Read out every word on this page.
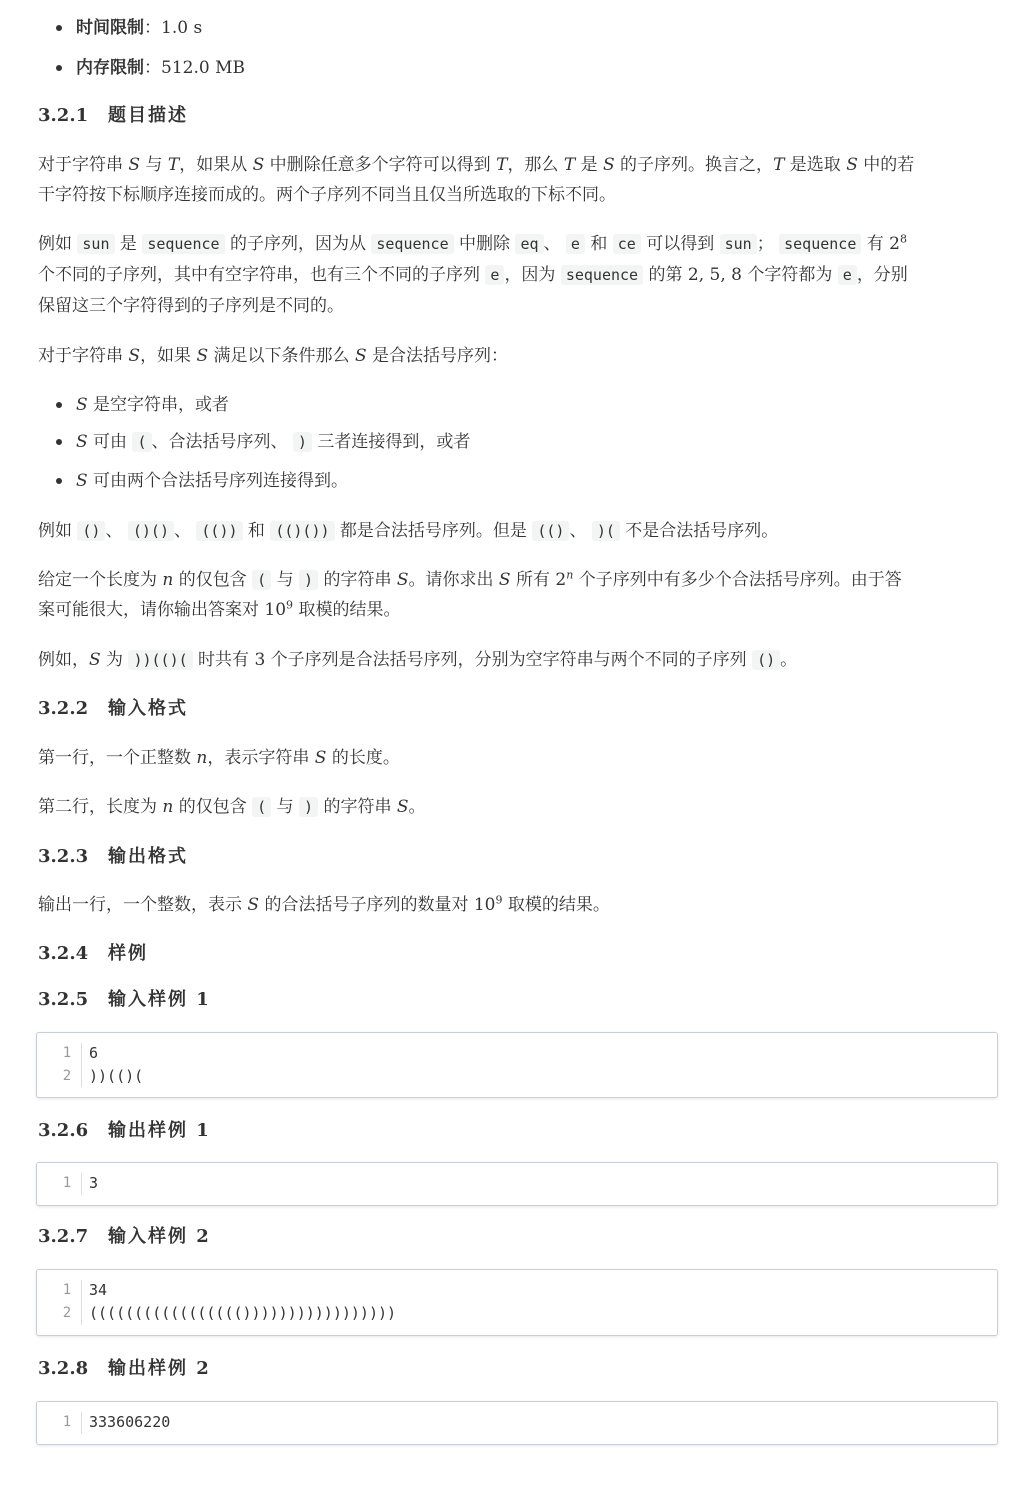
时间限制：1.0 s
内存限制：512.0 MB
3.2.1 题目描述
对于字符串 S 与 T，如果从 S 中删除任意多个字符可以得到 T，那么 T 是 S 的子序列。换言之，T 是选取 S 中的若
干字符按下标顺序连接而成的。两个子序列不同当且仅当所选取的下标不同。
例如 sun 是 sequence 的子序列，因为从 sequence 中删除 eq 、 e 和 ce 可以得到 sun ； sequence 有 $2^8$
个不同的子序列，其中有空字符串，也有三个不同的子序列 e ，因为 sequence 的第 2, 5, 8 个字符都为 e ，分别
保留这三个字符得到的子序列是不同的。
对于字符串 S，如果 S 满足以下条件那么 S 是合法括号序列：
S 是空字符串，或者
S 可由 ( 、合法括号序列、 ) 三者连接得到，或者
S 可由两个合法括号序列连接得到。
例如 () 、 ()() 、 (()) 和 (()()) 都是合法括号序列。但是 (() 、 )( 不是合法括号序列。
给定一个长度为 n 的仅包含 ( 与 ) 的字符串 S。请你求出 S 所有 2$^n$ 个子序列中有多少个合法括号序列。由于答
案可能很大，请你输出答案对 $10^9$ 取模的结果。
例如，S 为 ))(()( 时共有 3 个子序列是合法括号序列，分别为空字符串与两个不同的子序列 () 。
3.2.2 输入格式
第一行，一个正整数 n，表示字符串 S 的长度。
第二行，长度为 n 的仅包含 ( 与 ) 的字符串 S。
3.2.3 输出格式
输出一行，一个整数，表示 S 的合法括号子序列的数量对 $10^9$ 取模的结果。
3.2.4 样例
3.2.5 输入样例 1
1	6
2	))(()(
3.2.6 输出样例 1
1	3
3.2.7 输入样例 2
1	34
2	((((((((((((((((()))))))))))))))))
3.2.8 输出样例 2
1	333606220
